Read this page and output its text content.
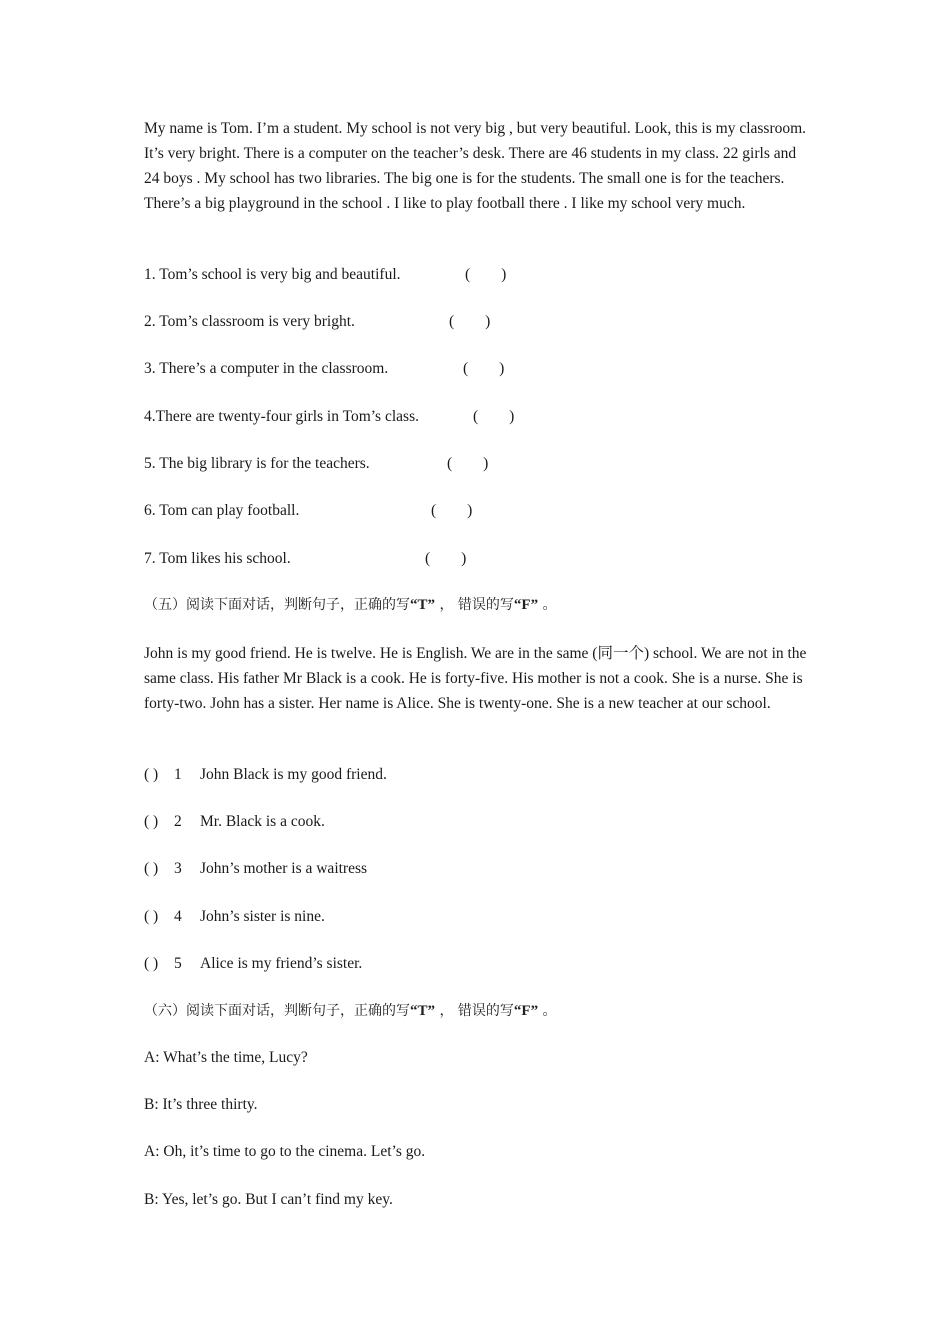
My name is Tom. I’m a student. My school is not very big , but very beautiful. Look, this is my classroom. It’s very bright. There is a computer on the teacher’s desk. There are 46 students in my class. 22 girls and 24 boys . My school has two libraries. The big one is for the students. The small one is for the teachers. There’s a big playground in the school . I like to play football there . I like my school very much.

1. Tom’s school is very big and beautiful.	(        )
2. Tom’s classroom is very bright.	(        )
3. There’s a computer in the classroom.	(        )
4.There are twenty-four girls in Tom’s class.	(        )
5. The big library is for the teachers.	(        )
6. Tom can play football.	(        )
7. Tom likes his school.	(        )
（五）阅读下面对话，判断句子，正确的写“T” ， 错误的写“F” 。

John is my good friend. He is twelve. He is English. We are in the same (同一个) school. We are not in the same class. His father Mr Black is a cook. He is forty-five. His mother is not a cook. She is a nurse. She is forty-two. John has a sister. Her name is Alice. She is twenty-one. She is a new teacher at our school.

( ) 1 John Black is my good friend.
( ) 2 Mr. Black is a cook.
( ) 3 John’s mother is a waitress
( ) 4 John’s sister is nine.
( ) 5 Alice is my friend’s sister.
（六）阅读下面对话，判断句子，正确的写“T” ， 错误的写“F” 。
A: What’s the time, Lucy?
B: It’s three thirty.
A: Oh, it’s time to go to the cinema. Let’s go.
B: Yes, let’s go. But I can’t find my key.
